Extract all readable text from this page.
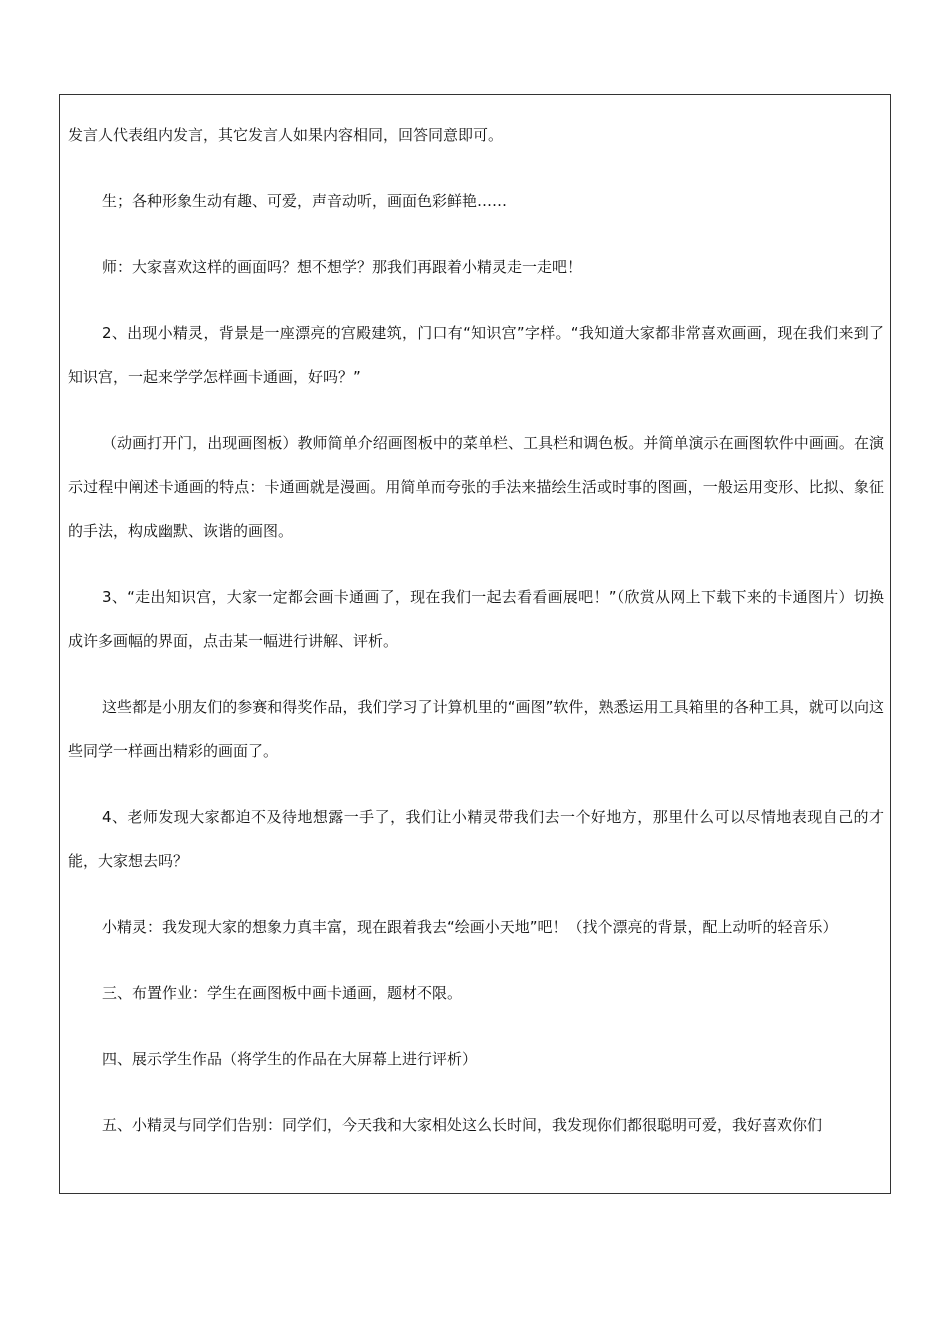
发言人代表组内发言，其它发言人如果内容相同，回答同意即可。

生；各种形象生动有趣、可爱，声音动听，画面色彩鲜艳……

师：大家喜欢这样的画面吗？想不想学？那我们再跟着小精灵走一走吧！

2、出现小精灵，背景是一座漂亮的宫殿建筑，门口有“知识宫”字样。“我知道大家都非常喜欢画画，现在我们来到了知识宫，一起来学学怎样画卡通画，好吗？”

（动画打开门，出现画图板）教师简单介绍画图板中的菜单栏、工具栏和调色板。并简单演示在画图软件中画画。在演示过程中阐述卡通画的特点：卡通画就是漫画。用简单而夸张的手法来描绘生活或时事的图画，一般运用变形、比拟、象征的手法，构成幽默、诙谐的画图。

3、“走出知识宫，大家一定都会画卡通画了，现在我们一起去看看画展吧！”（欣赏从网上下载下来的卡通图片）切换成许多画幅的界面，点击某一幅进行讲解、评析。

这些都是小朋友们的参赛和得奖作品，我们学习了计算机里的“画图”软件，熟悉运用工具箱里的各种工具，就可以向这些同学一样画出精彩的画面了。

4、老师发现大家都迫不及待地想露一手了，我们让小精灵带我们去一个好地方，那里什么可以尽情地表现自己的才能，大家想去吗？

小精灵：我发现大家的想象力真丰富，现在跟着我去“绘画小天地”吧！（找个漂亮的背景，配上动听的轻音乐）

三、布置作业：学生在画图板中画卡通画，题材不限。

四、展示学生作品（将学生的作品在大屏幕上进行评析）

五、小精灵与同学们告别：同学们，今天我和大家相处这么长时间，我发现你们都很聪明可爱，我好喜欢你们
